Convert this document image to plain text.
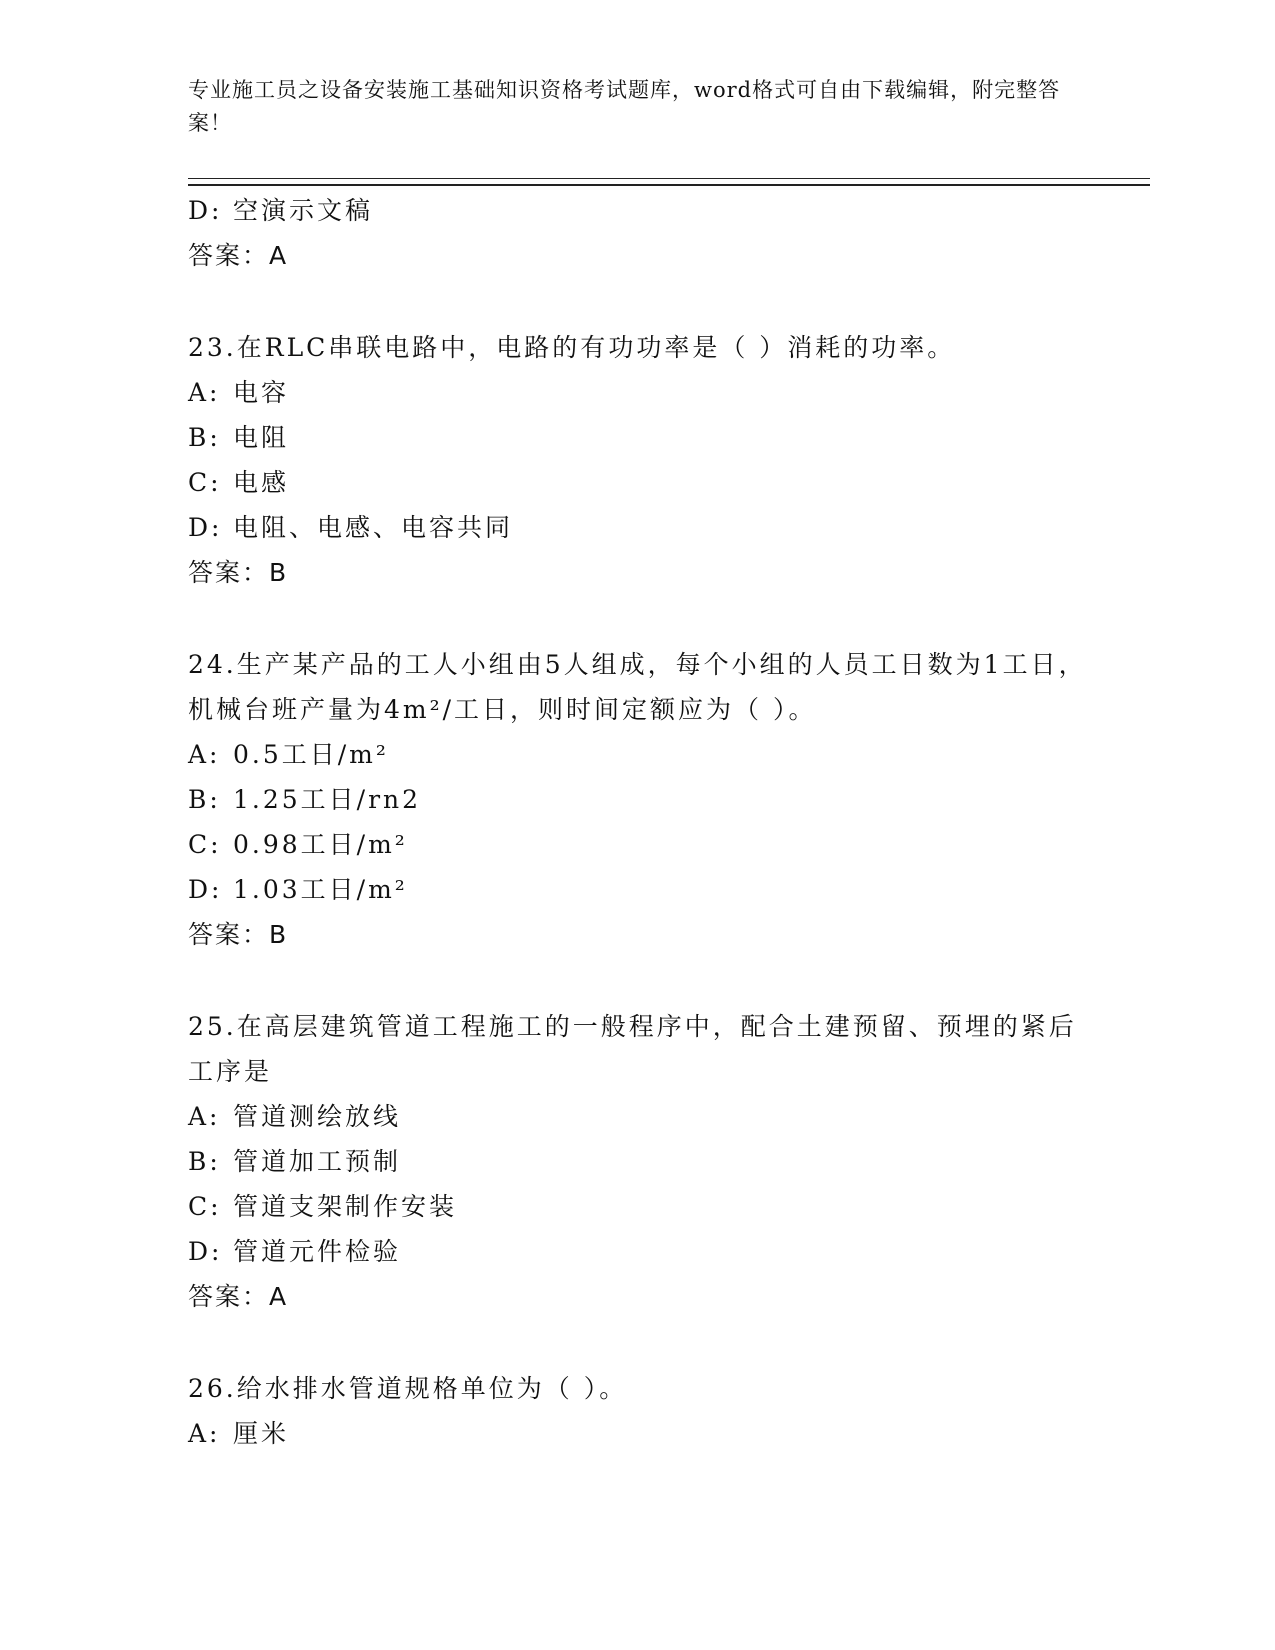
专业施工员之设备安装施工基础知识资格考试题库，word格式可自由下载编辑，附完整答案！
D: 空演示文稿
答案：A
23.在RLC串联电路中，电路的有功功率是（ ）消耗的功率。
A: 电容
B: 电阻
C: 电感
D: 电阻、电感、电容共同
答案：B
24.生产某产品的工人小组由5人组成，每个小组的人员工日数为1工日，机械台班产量为4m²/工日，则时间定额应为（ ）。
A: 0.5工日/m²
B: 1.25工日/rn2
C: 0.98工日/m²
D: 1.03工日/m²
答案：B
25.在高层建筑管道工程施工的一般程序中，配合土建预留、预埋的紧后工序是
A: 管道测绘放线
B: 管道加工预制
C: 管道支架制作安装
D: 管道元件检验
答案：A
26.给水排水管道规格单位为（ ）。
A: 厘米
